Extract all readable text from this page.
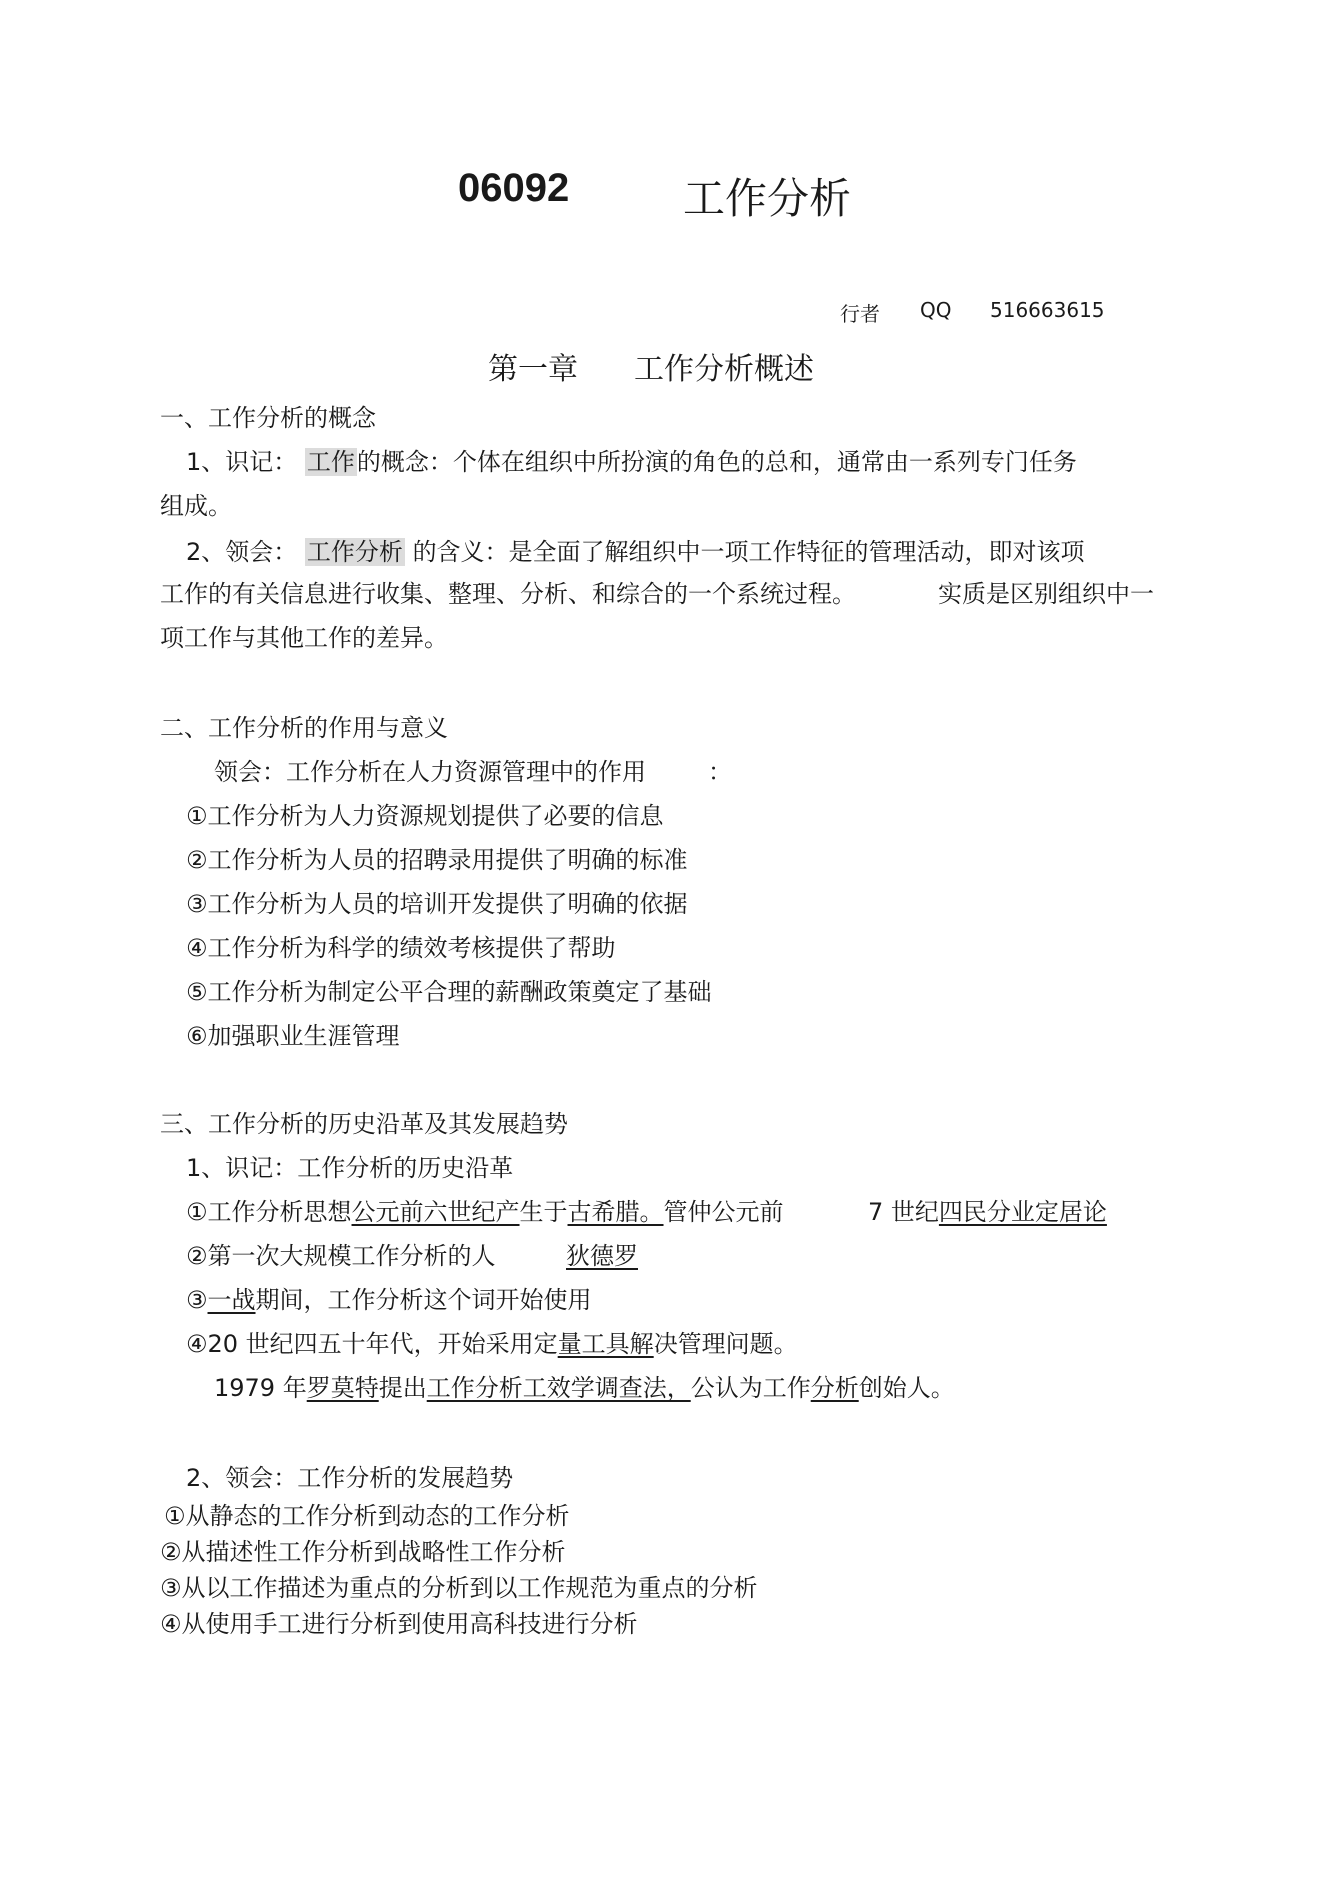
06092	工作分析
行者 QQ 516663615
第一章 工作分析概述
一、工作分析的概念
1、识记： 工作的概念：个体在组织中所扮演的角色的总和，通常由一系列专门任务
组成。
2、领会： 工作分析 的含义：是全面了解组织中一项工作特征的管理活动，即对该项
工作的有关信息进行收集、整理、分析、和综合的一个系统过程。	实质是区别组织中一
项工作与其他工作的差异。
二、工作分析的作用与意义
领会：工作分析在人力资源管理中的作用	：
①工作分析为人力资源规划提供了必要的信息
②工作分析为人员的招聘录用提供了明确的标准
③工作分析为人员的培训开发提供了明确的依据
④工作分析为科学的绩效考核提供了帮助
⑤工作分析为制定公平合理的薪酬政策奠定了基础
⑥加强职业生涯管理
三、工作分析的历史沿革及其发展趋势
1、识记：工作分析的历史沿革
①工作分析思想公元前六世纪产生于古希腊。管仲公元前	7 世纪四民分业定居论
②第一次大规模工作分析的人	狄德罗
③一战期间，工作分析这个词开始使用
④20 世纪四五十年代，开始采用定量工具解决管理问题。
1979 年罗莫特提出工作分析工效学调查法，公认为工作分析创始人。
2、领会：工作分析的发展趋势
①从静态的工作分析到动态的工作分析
②从描述性工作分析到战略性工作分析
③从以工作描述为重点的分析到以工作规范为重点的分析
④从使用手工进行分析到使用高科技进行分析
